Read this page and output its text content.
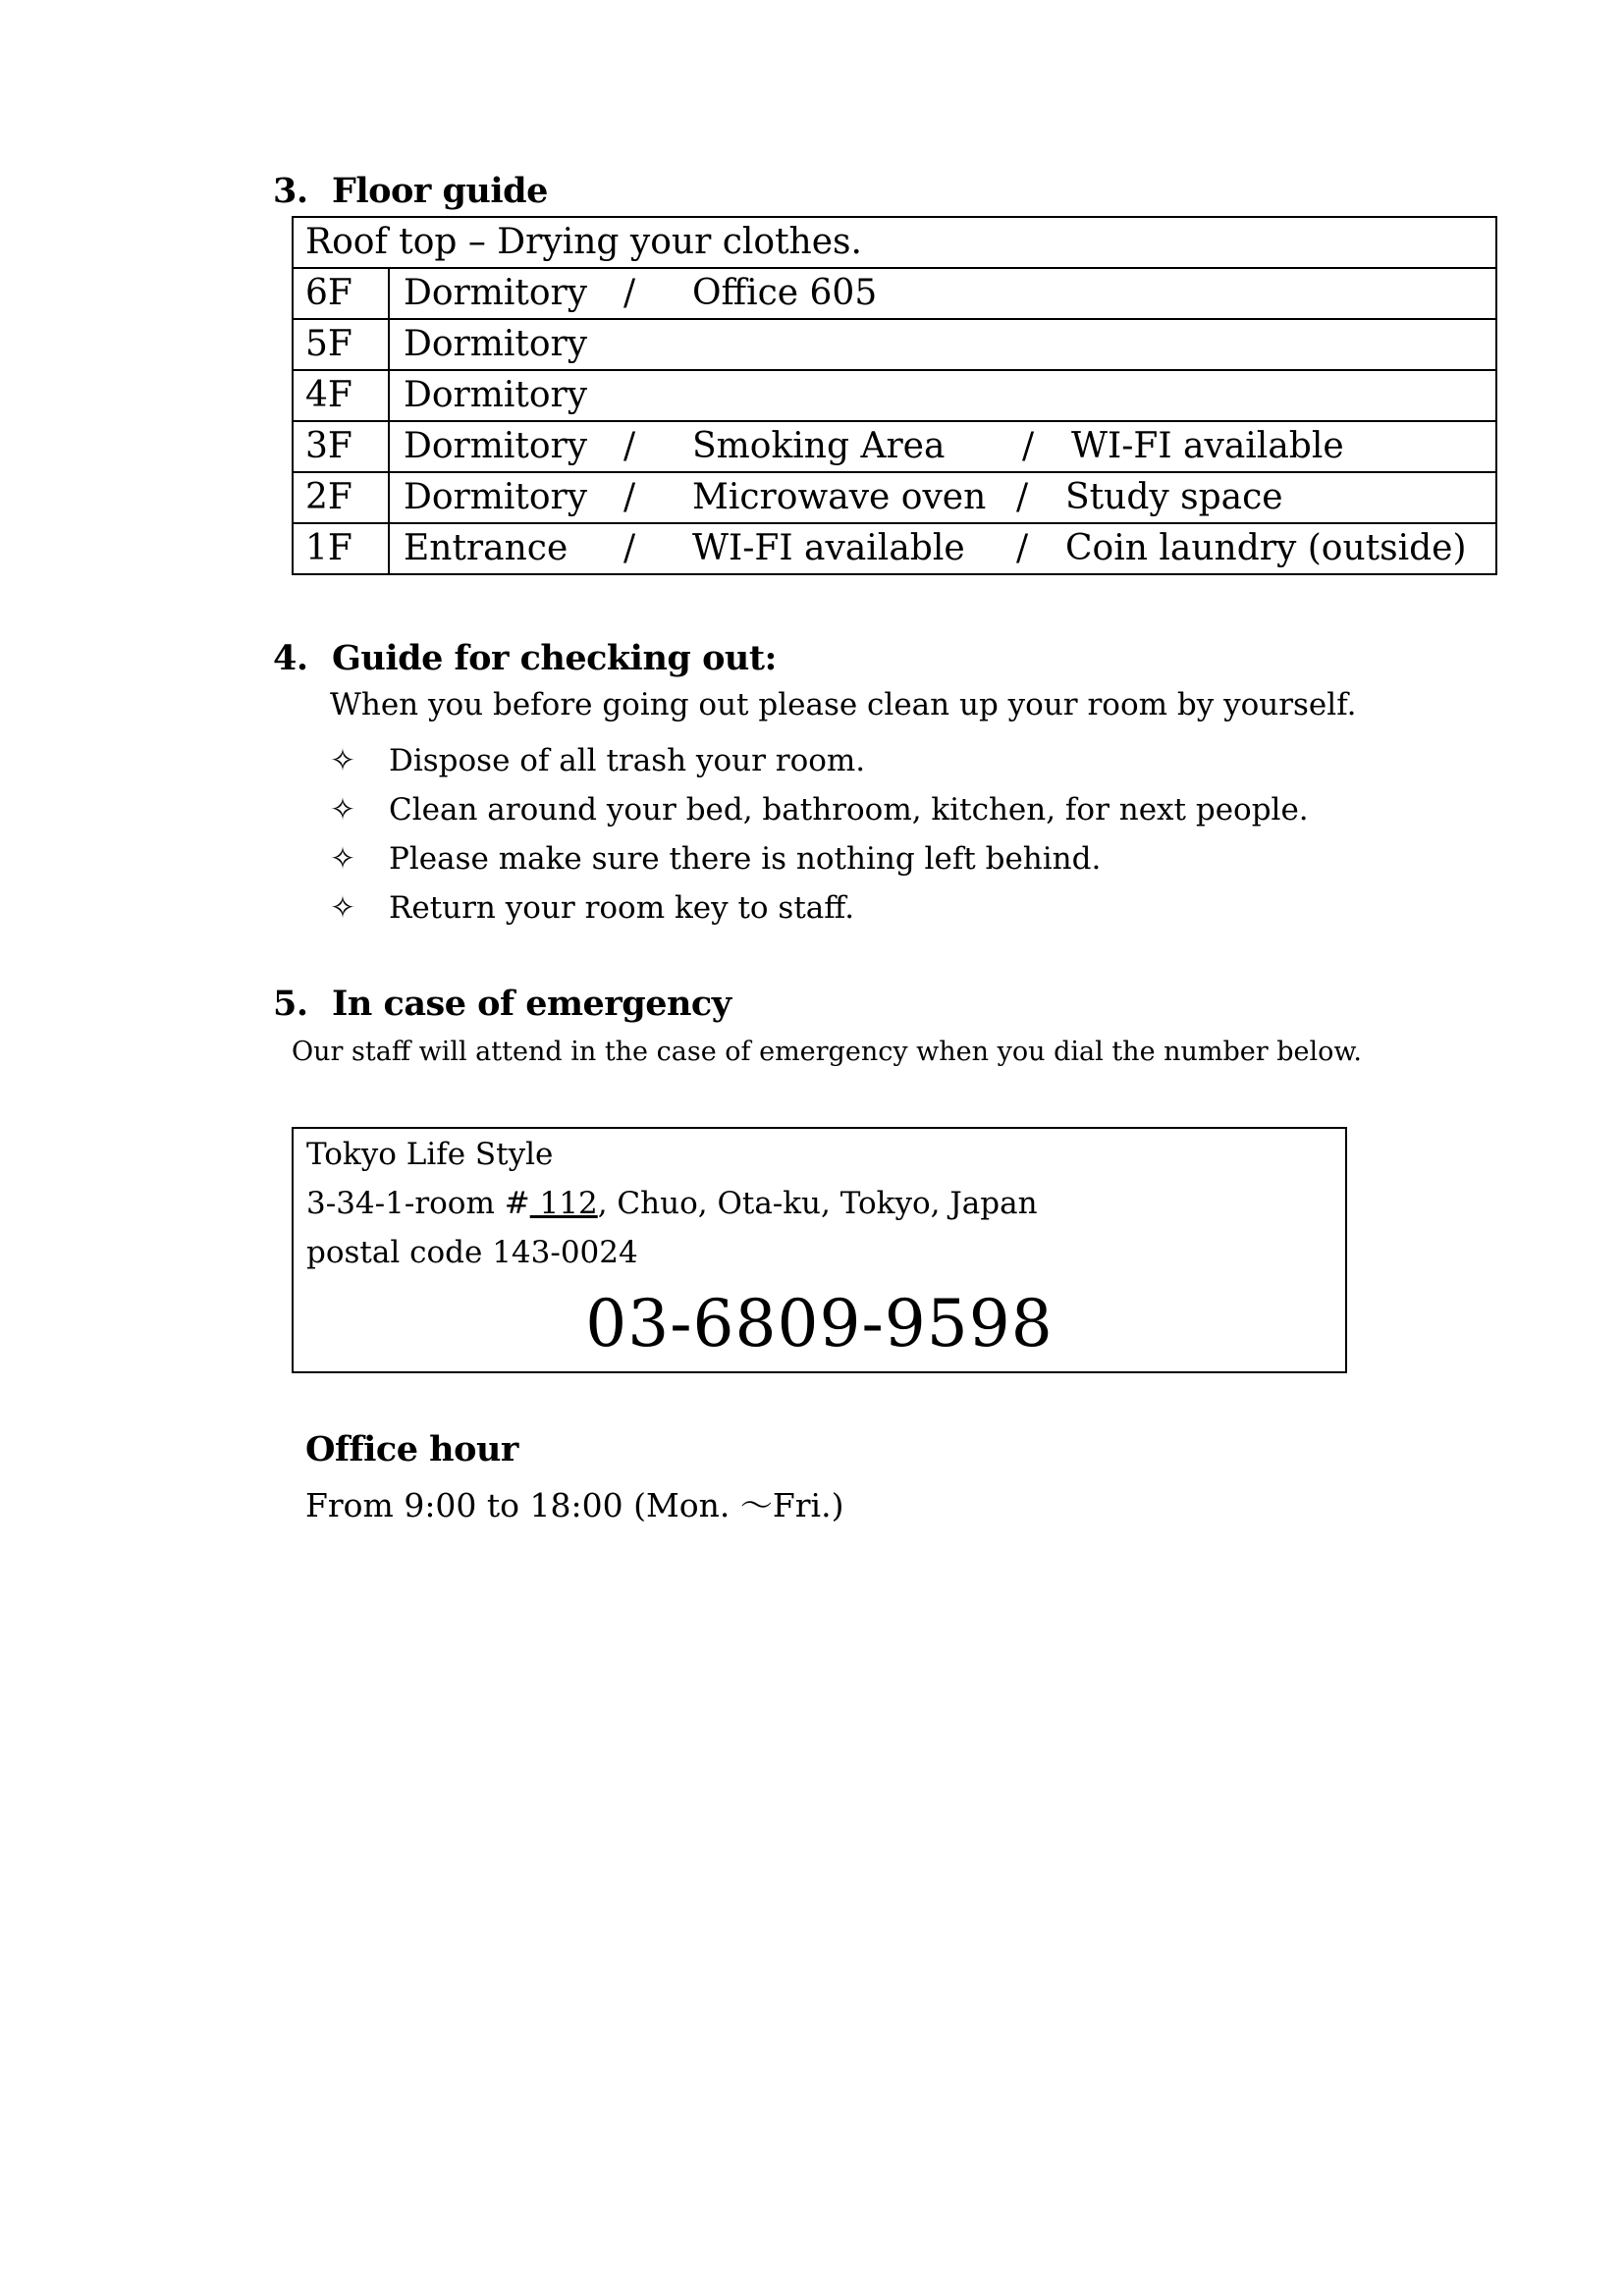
3. Floor guide
Roof top – Drying your clothes.	
6F	Dormitory / Office 605
5F	Dormitory
4F	Dormitory
3F	Dormitory / Smoking Area / WI-FI available
2F	Dormitory / Microwave oven / Study space
1F	Entrance / WI-FI available / Coin laundry (outside)
4. Guide for checking out:
When you before going out please clean up your room by yourself.
✧ Dispose of all trash your room.
✧ Clean around your bed, bathroom, kitchen, for next people.
✧ Please make sure there is nothing left behind.
✧ Return your room key to staff.
5. In case of emergency
Our staff will attend in the case of emergency when you dial the number below.
Tokyo Life Style
3-34-1-room # 112, Chuo, Ota-ku, Tokyo, Japan
postal code 143-0024
03-6809-9598
Office hour
From 9:00 to 18:00 (Mon. ～Fri.)
